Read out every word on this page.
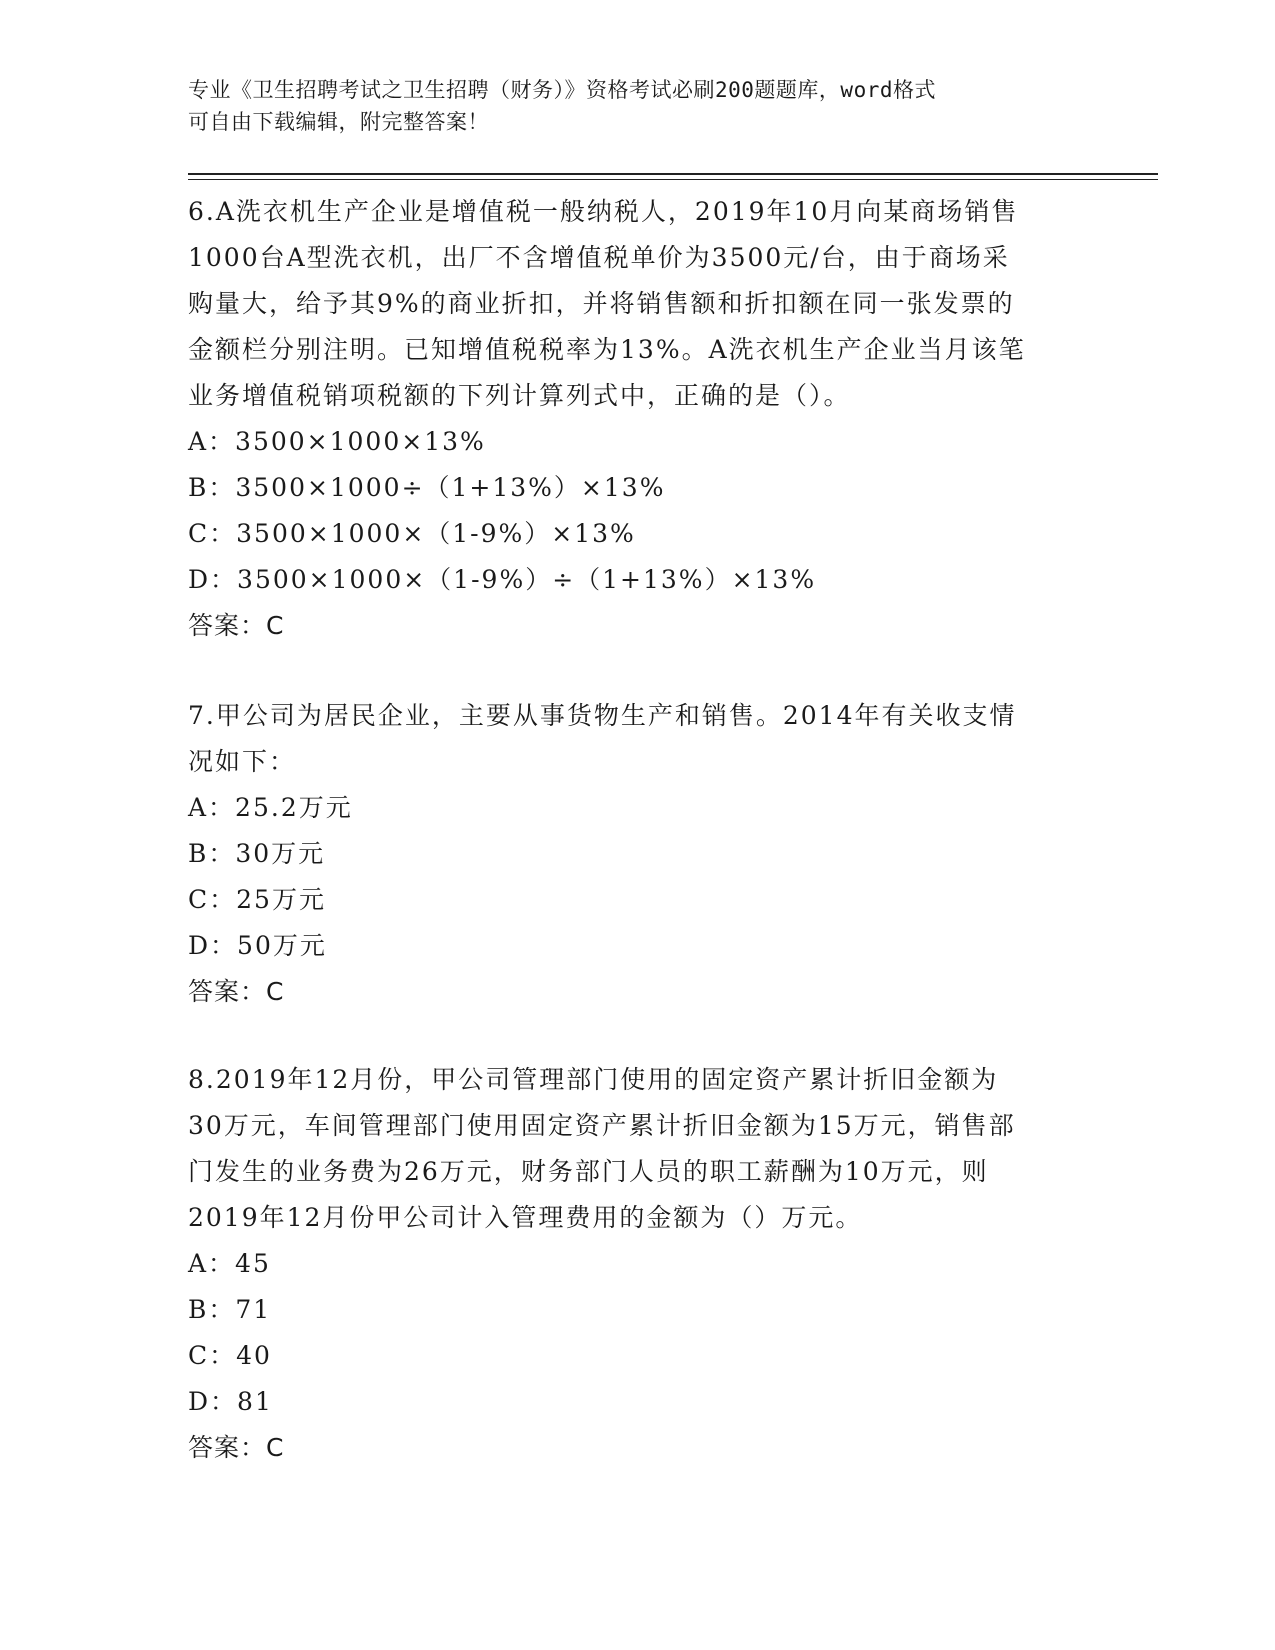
专业《卫生招聘考试之卫生招聘（财务）》资格考试必刷200题题库，word格式
可自由下载编辑，附完整答案！

6.A洗衣机生产企业是增值税一般纳税人，2019年10月向某商场销售

1000台A型洗衣机，出厂不含增值税单价为3500元/台，由于商场采

购量大，给予其9%的商业折扣，并将销售额和折扣额在同一张发票的

金额栏分别注明。已知增值税税率为13%。A洗衣机生产企业当月该笔

业务增值税销项税额的下列计算列式中，正确的是（）。

A：3500×1000×13%

B：3500×1000÷（1+13%）×13%

C：3500×1000×（1-9%）×13%

D：3500×1000×（1-9%）÷（1+13%）×13%

答案：C

7.甲公司为居民企业，主要从事货物生产和销售。2014年有关收支情

况如下：

A：25.2万元

B：30万元

C：25万元

D：50万元

答案：C

8.2019年12月份，甲公司管理部门使用的固定资产累计折旧金额为

30万元，车间管理部门使用固定资产累计折旧金额为15万元，销售部

门发生的业务费为26万元，财务部门人员的职工薪酬为10万元，则

2019年12月份甲公司计入管理费用的金额为（）万元。

A：45

B：71

C：40

D：81

答案：C
